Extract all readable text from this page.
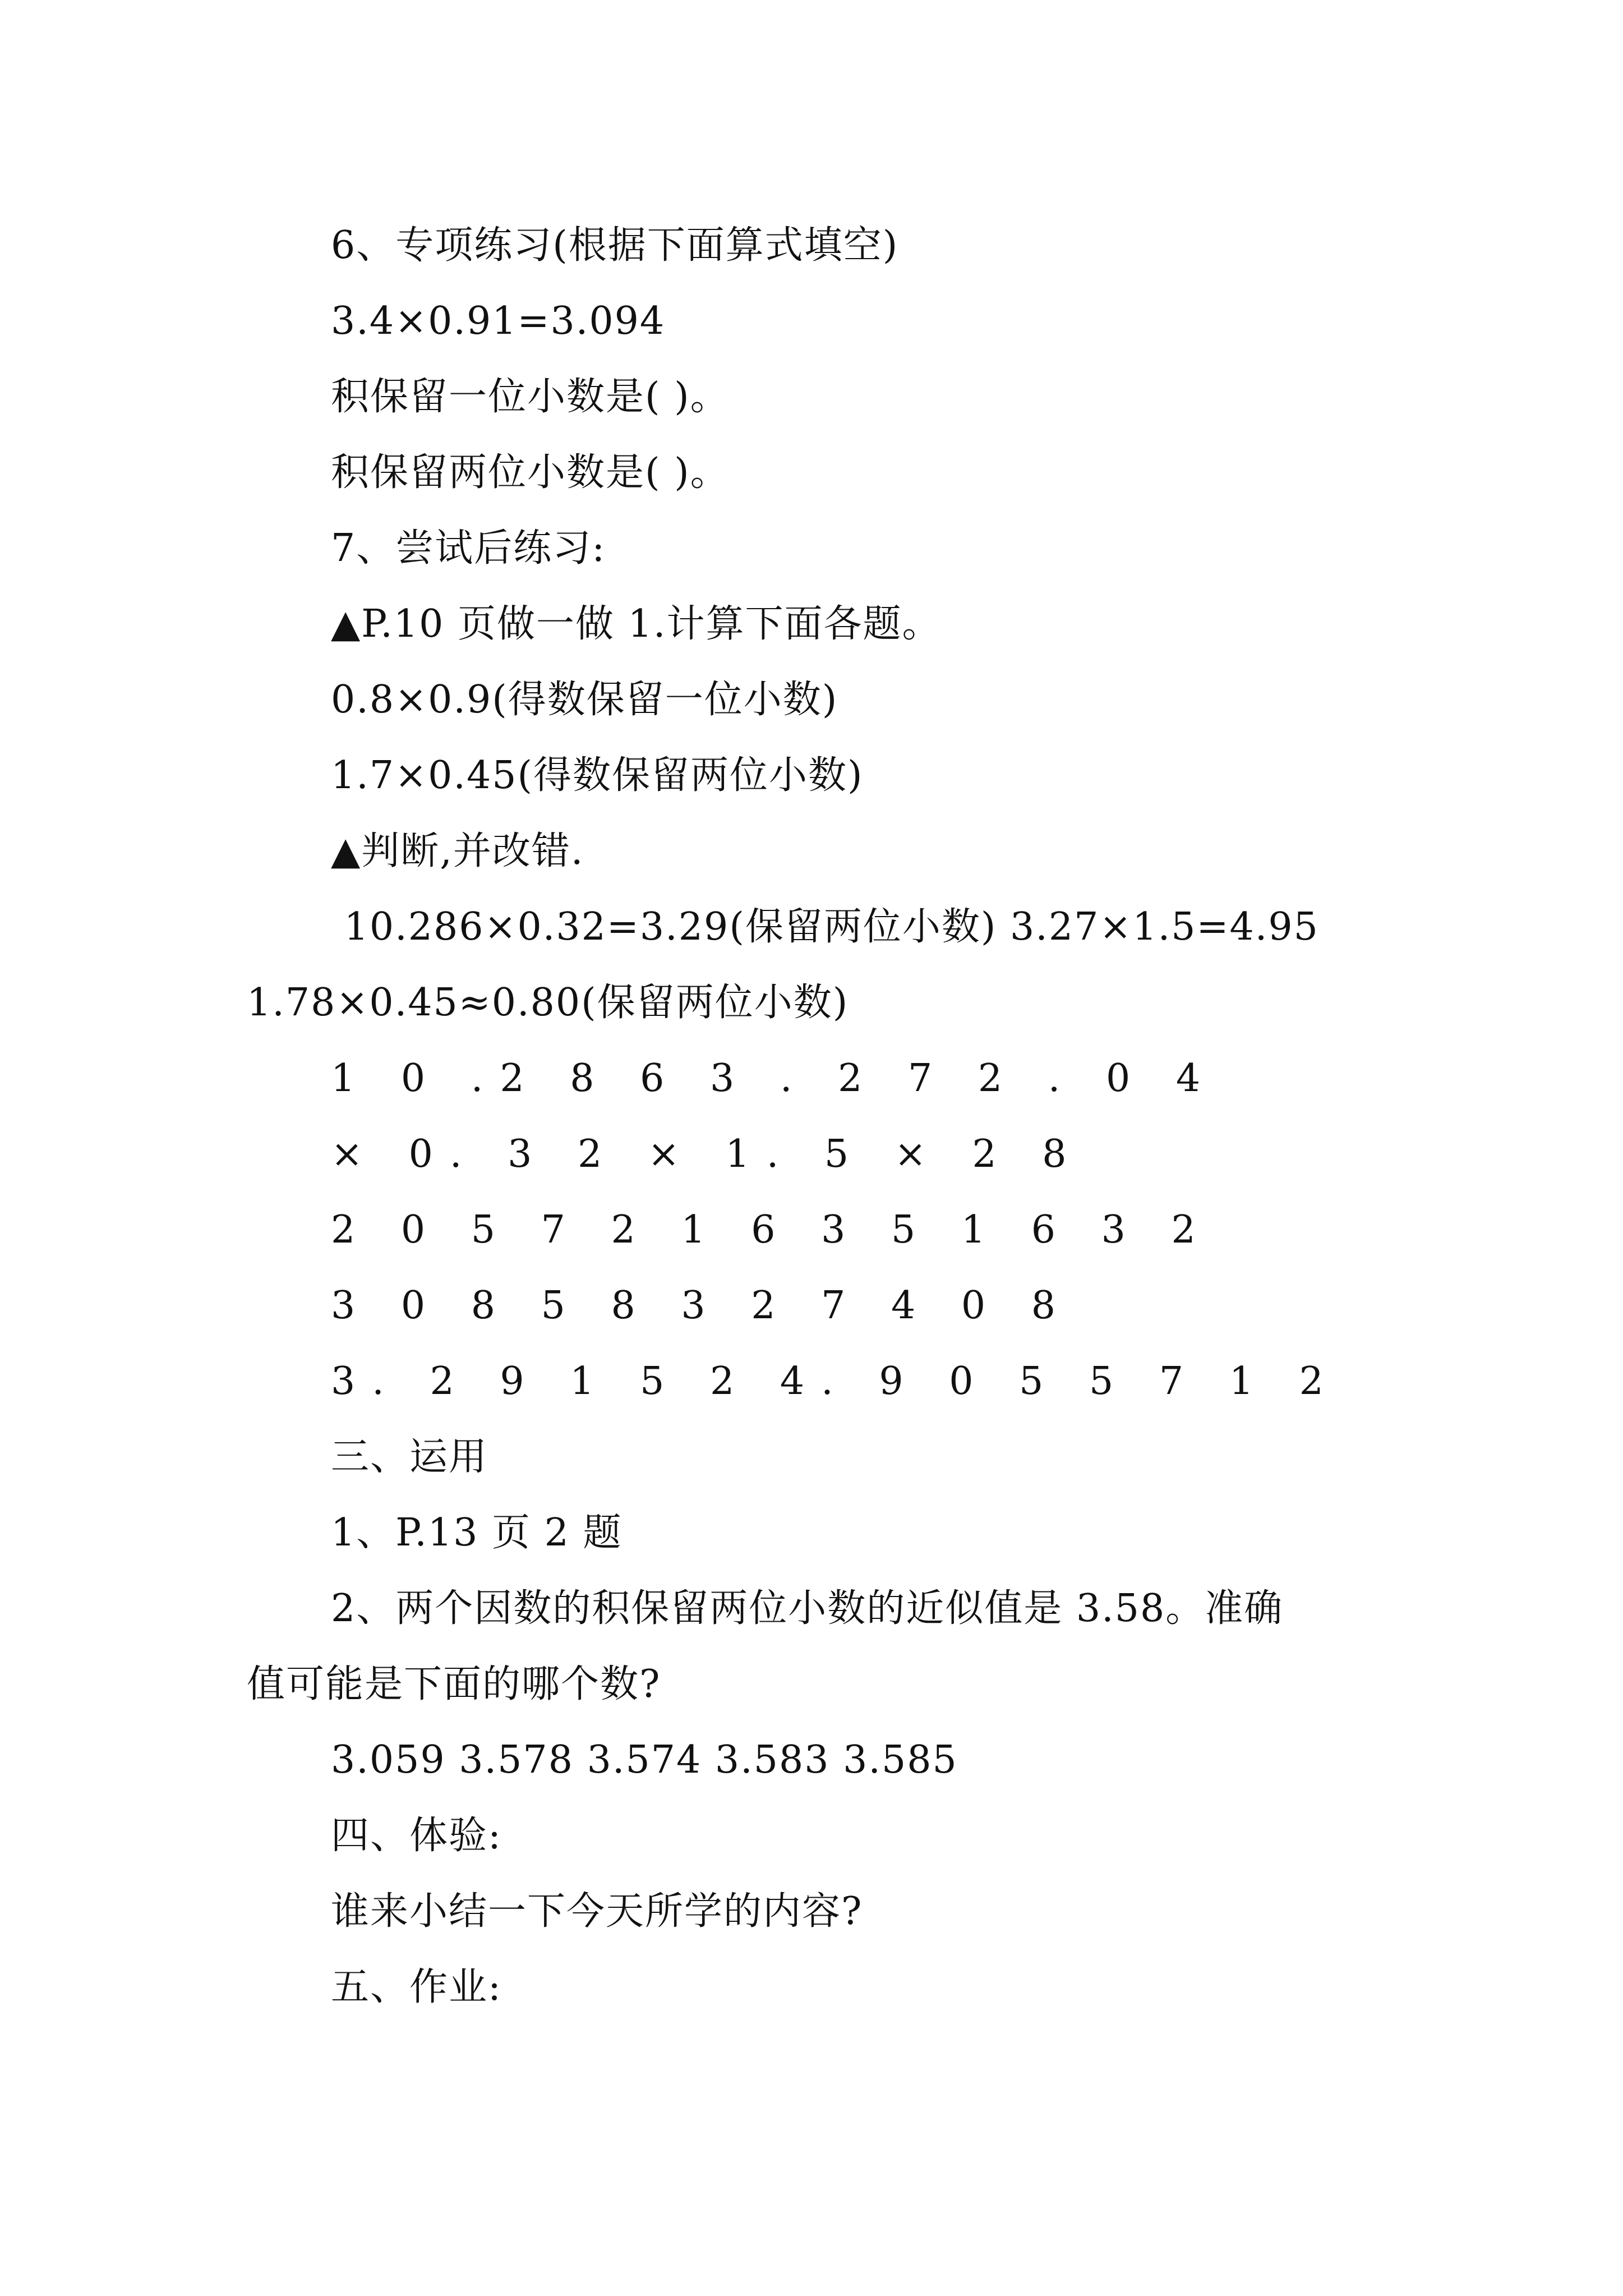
6、专项练习(根据下面算式填空)
3.4×0.91=3.094
积保留一位小数是( )。
积保留两位小数是( )。
7、尝试后练习:
▲P.10 页做一做 1.计算下面各题。
0.8×0.9(得数保留一位小数)
1.7×0.45(得数保留两位小数)
▲判断,并改错.
10.286×0.32=3.29(保留两位小数) 3.27×1.5=4.95
1.78×0.45≈0.80(保留两位小数)
1 0 .2 8 6 3 . 2 7 2 . 0 4
× 0. 3 2 × 1. 5 × 2 8
2 0 5 7 2 1 6 3 5 1 6 3 2
3 0 8 5 8 3 2 7 4 0 8
3. 2 9 1 5 2 4. 9 0 5 5 7 1 2
三、运用
1、P.13 页 2 题
2、两个因数的积保留两位小数的近似值是 3.58。准确
值可能是下面的哪个数?
3.059 3.578 3.574 3.583 3.585
四、体验:
谁来小结一下今天所学的内容?
五、作业:
